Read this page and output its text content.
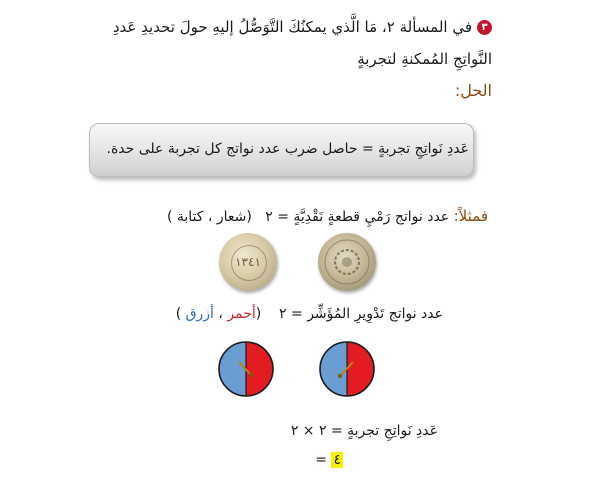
٣في المسألة ٢، مَا الَّذي يمكنُكَ التَّوَصُّلُ إليهِ حولَ تحديدِ عَددِ
النَّواتِجِ المُمكنةِ لتجربةٍ
الحل:
عَددِ نَواتِجِ تجربةٍ = حاصل ضرب عدد نواتج كل تجربة على حدة.
فمثلاً: عدد نواتج رَمْيِ قطعةٍ نَقْدِيَّةٍ = ٢   (شعار ، كتابة )
١٣٤١
عدد نواتج تَدْوِيرِ المُؤَشِّر = ٢    (أحمر ، أزرق )
عَددِ نَواتِجِ تجربةٍ = ٢ × ٢
= ٤
